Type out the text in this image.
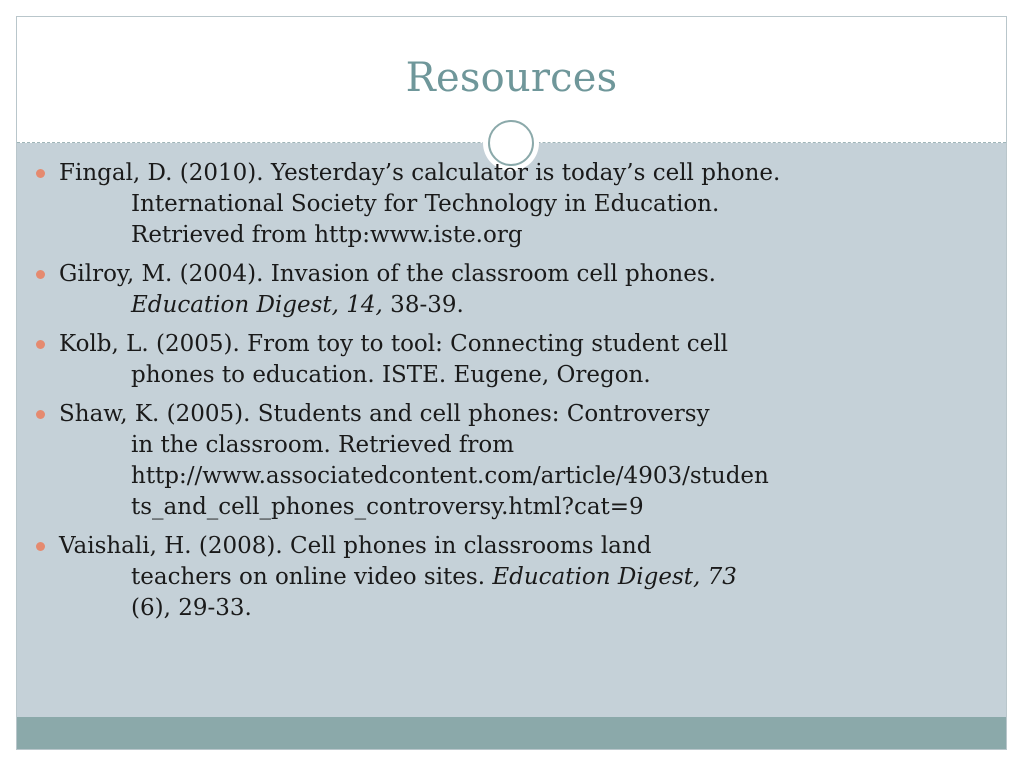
Resources
Fingal, D. (2010). Yesterday’s calculator is today’s cell phone.
International Society for Technology in Education.
Retrieved from http:www.iste.org
Gilroy, M. (2004). Invasion of the classroom cell phones.
Education Digest, 14, 38-39.
Kolb, L. (2005). From toy to tool: Connecting student cell
phones to education. ISTE. Eugene, Oregon.
Shaw, K. (2005). Students and cell phones: Controversy
in the classroom. Retrieved from
http://www.associatedcontent.com/article/4903/studen
ts_and_cell_phones_controversy.html?cat=9
Vaishali, H. (2008). Cell phones in classrooms land
teachers on online video sites. Education Digest, 73
(6), 29-33.
